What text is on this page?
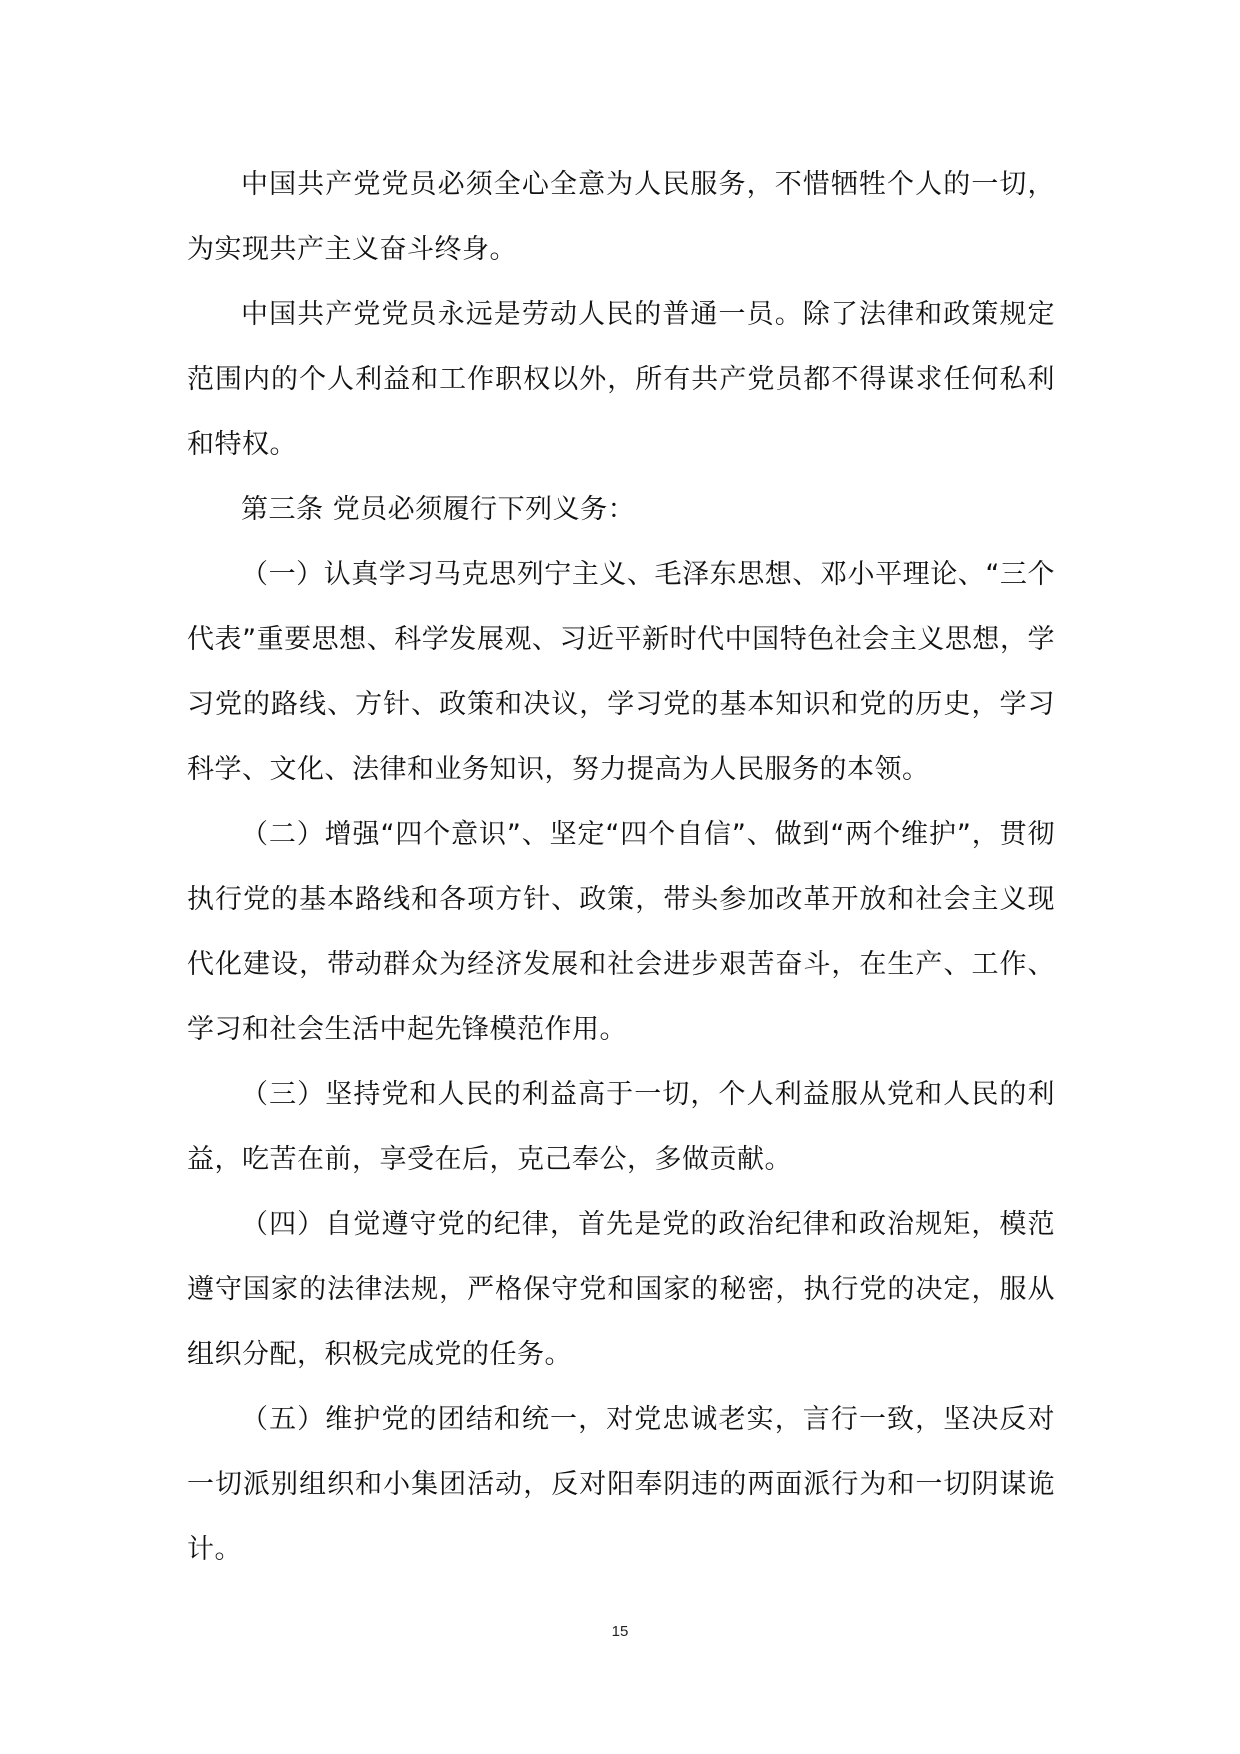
中国共产党党员必须全心全意为人民服务，不惜牺牲个人的一切，为实现共产主义奋斗终身。

中国共产党党员永远是劳动人民的普通一员。除了法律和政策规定范围内的个人利益和工作职权以外，所有共产党员都不得谋求任何私利和特权。

第三条 党员必须履行下列义务：

（一）认真学习马克思列宁主义、毛泽东思想、邓小平理论、“三个代表”重要思想、科学发展观、习近平新时代中国特色社会主义思想，学习党的路线、方针、政策和决议，学习党的基本知识和党的历史，学习科学、文化、法律和业务知识，努力提高为人民服务的本领。

（二）增强“四个意识”、坚定“四个自信”、做到“两个维护”，贯彻执行党的基本路线和各项方针、政策，带头参加改革开放和社会主义现代化建设，带动群众为经济发展和社会进步艰苦奋斗，在生产、工作、学习和社会生活中起先锋模范作用。

（三）坚持党和人民的利益高于一切，个人利益服从党和人民的利益，吃苦在前，享受在后，克己奉公，多做贡献。

（四）自觉遵守党的纪律，首先是党的政治纪律和政治规矩，模范遵守国家的法律法规，严格保守党和国家的秘密，执行党的决定，服从组织分配，积极完成党的任务。

（五）维护党的团结和统一，对党忠诚老实，言行一致，坚决反对一切派别组织和小集团活动，反对阳奉阴违的两面派行为和一切阴谋诡计。

15
